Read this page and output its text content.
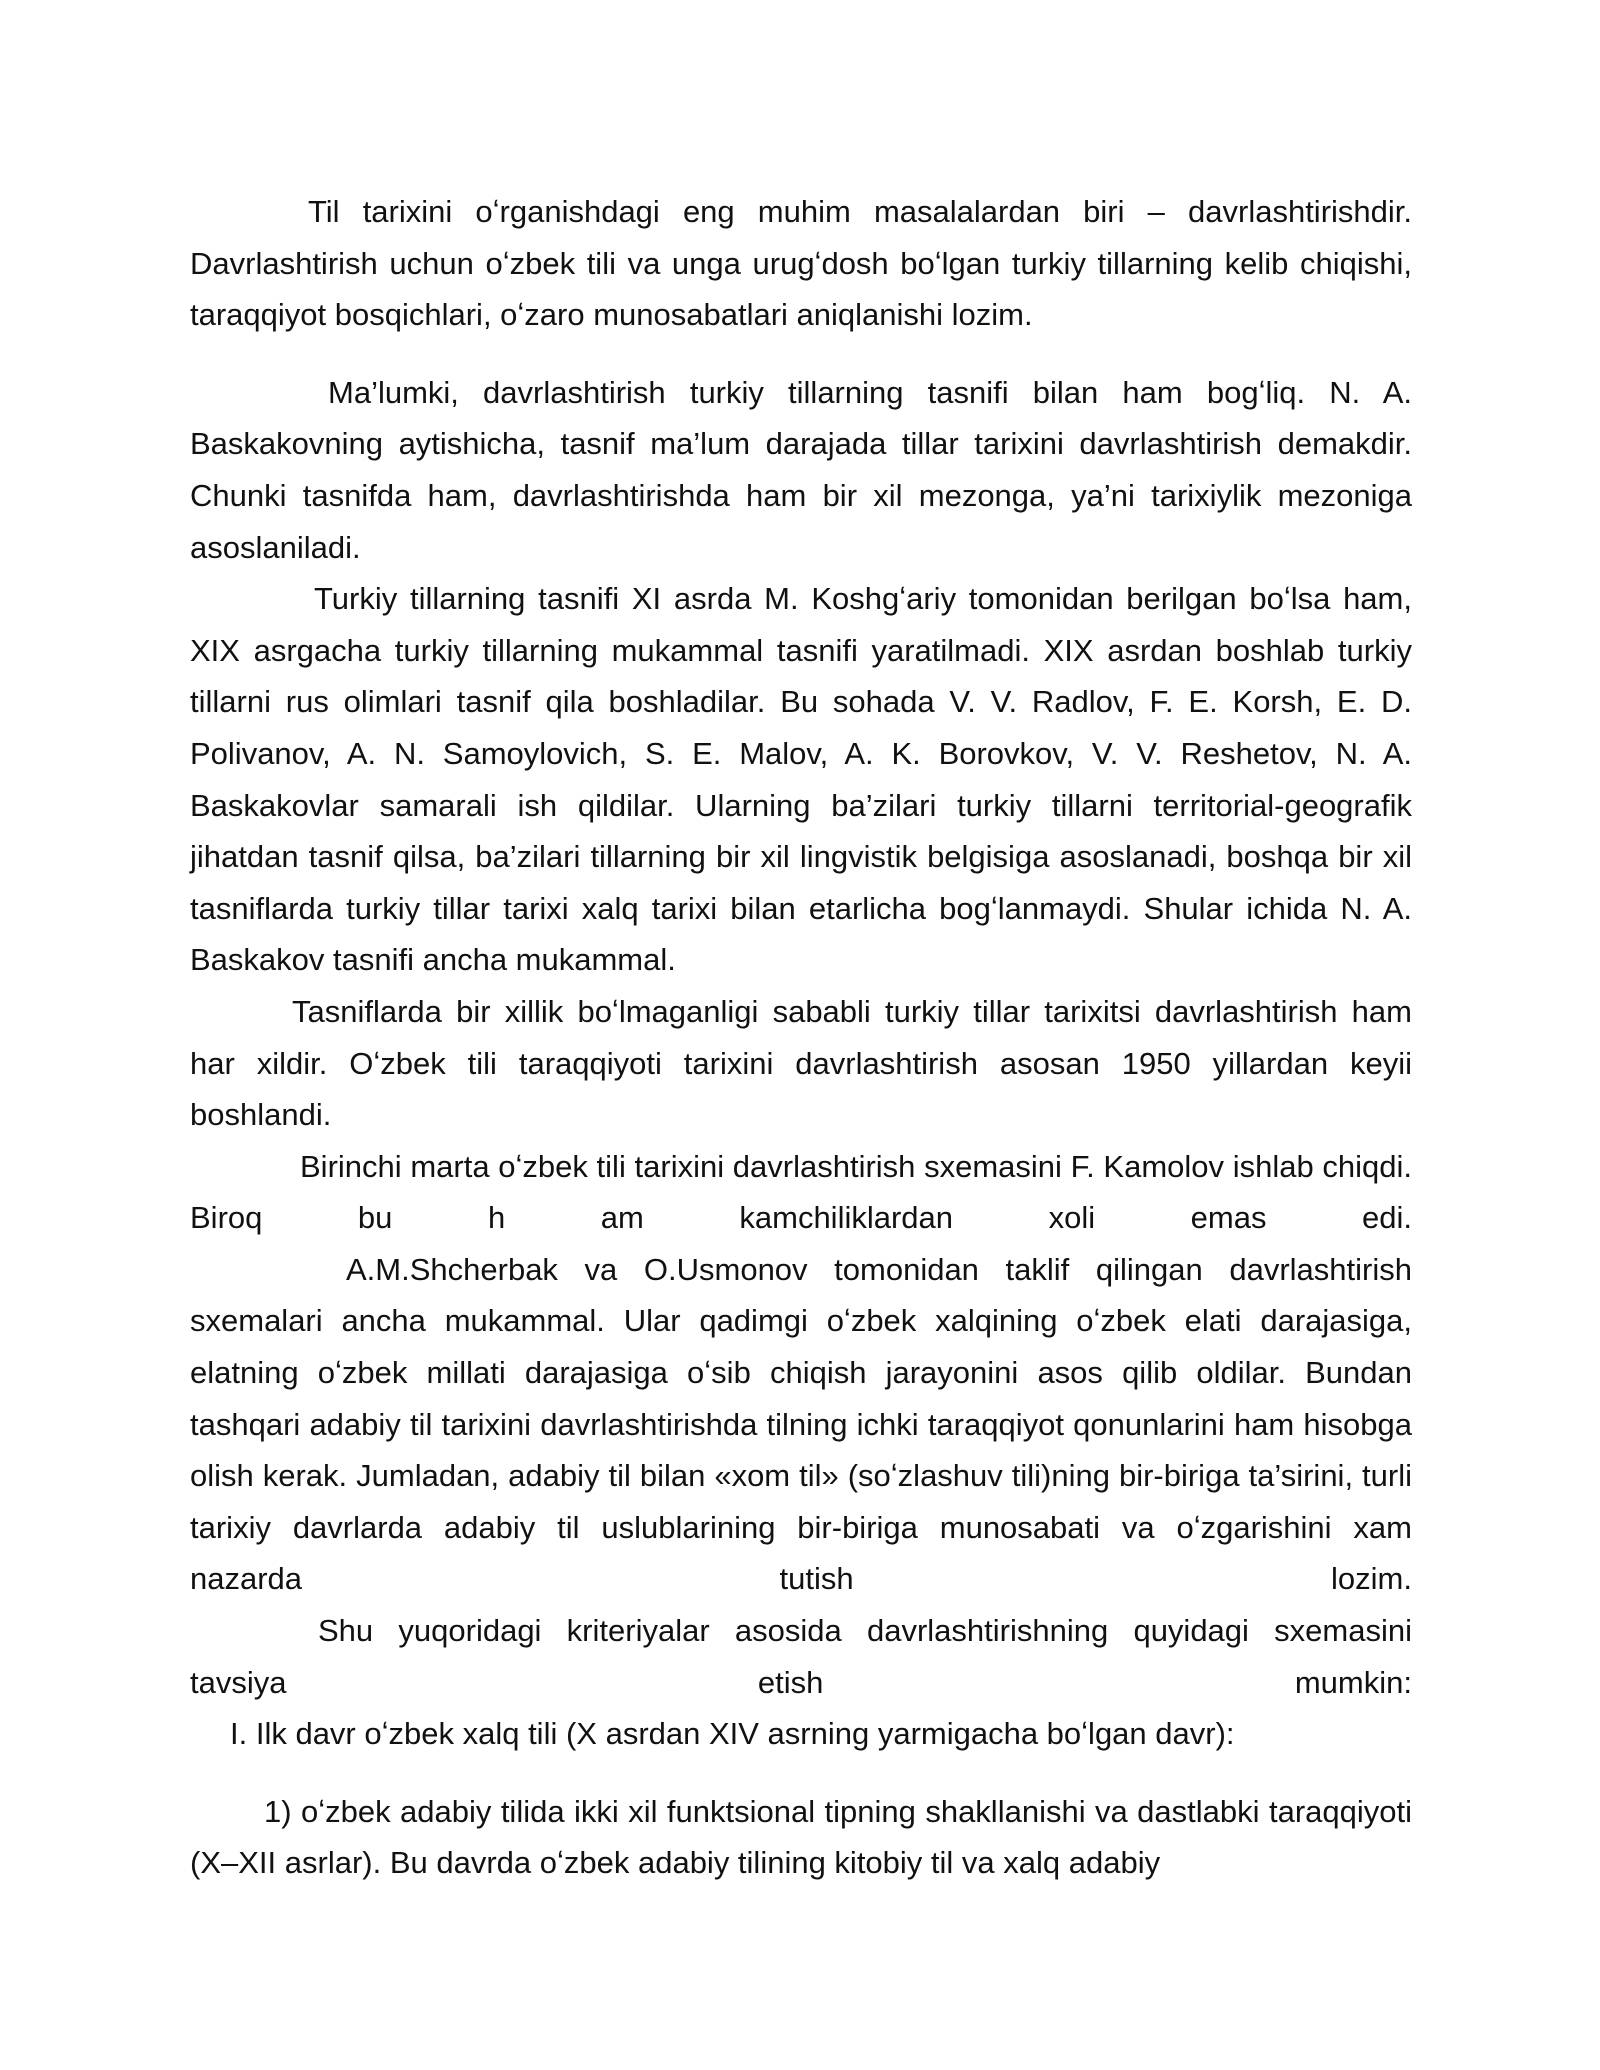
Til tarixini oʻrganishdagi eng muhim masalalardan biri – davrlashtirishdir. Davrlashtirish uchun oʻzbek tili va unga urugʻdosh boʻlgan turkiy tillarning kelib chiqishi, taraqqiyot bosqichlari, oʻzaro munosabatlari aniqlanishi lozim.

Ma’lumki, davrlashtirish turkiy tillarning tasnifi bilan ham bogʻliq. N. A. Baskakovning aytishicha, tasnif ma’lum darajada tillar tarixini davrlashtirish demakdir. Chunki tasnifda ham, davrlashtirishda ham bir xil mezonga, ya’ni tarixiylik mezoniga asoslaniladi.

Turkiy tillarning tasnifi XI asrda M. Koshgʻariy tomonidan berilgan boʻlsa ham, XIX asrgacha turkiy tillarning mukammal tasnifi yaratilmadi. XIX asrdan boshlab turkiy tillarni rus olimlari tasnif qila boshladilar. Bu sohada V. V. Radlov, F. E. Korsh, E. D. Polivanov, A. N. Samoylovich, S. E. Malov, A. K. Borovkov, V. V. Reshetov, N. A. Baskakovlar samarali ish qildilar. Ularning ba’zilari turkiy tillarni territorial-geografik jihatdan tasnif qilsa, ba’zilari tillarning bir xil lingvistik belgisiga asoslanadi, boshqa bir xil tasniflarda turkiy tillar tarixi xalq tarixi bilan etarlicha bogʻlanmaydi. Shular ichida N. A. Baskakov tasnifi ancha mukammal.

Tasniflarda bir xillik boʻlmaganligi sababli turkiy tillar tarixitsi davrlashtirish ham har xildir. Oʻzbek tili taraqqiyoti tarixini davrlashtirish asosan 1950 yillardan keyii boshlandi.

Birinchi marta oʻzbek tili tarixini davrlashtirish sxemasini F. Kamolov ishlab chiqdi. Biroq bu h am kamchiliklardan xoli emas edi.

A.M.Shcherbak va O.Usmonov tomonidan taklif qilingan davrlashtirish sxemalari ancha mukammal. Ular qadimgi oʻzbek xalqining oʻzbek elati darajasiga, elatning oʻzbek millati darajasiga oʻsib chiqish jarayonini asos qilib oldilar. Bundan tashqari adabiy til tarixini davrlashtirishda tilning ichki taraqqiyot qonunlarini ham hisobga olish kerak. Jumladan, adabiy til bilan «xom til» (soʻzlashuv tili)ning bir-biriga ta’sirini, turli tarixiy davrlarda adabiy til uslublarining bir-biriga munosabati va oʻzgarishini xam nazarda tutish lozim.

Shu yuqoridagi kriteriyalar asosida davrlashtirishning quyidagi sxemasini tavsiya etish mumkin:

I. Ilk davr oʻzbek xalq tili (X asrdan XIV asrning yarmigacha boʻlgan davr):

1) oʻzbek adabiy tilida ikki xil funktsional tipning shakllanishi va dastlabki taraqqiyoti (X–XII asrlar). Bu davrda oʻzbek adabiy tilining kitobiy til va xalq adabiy
